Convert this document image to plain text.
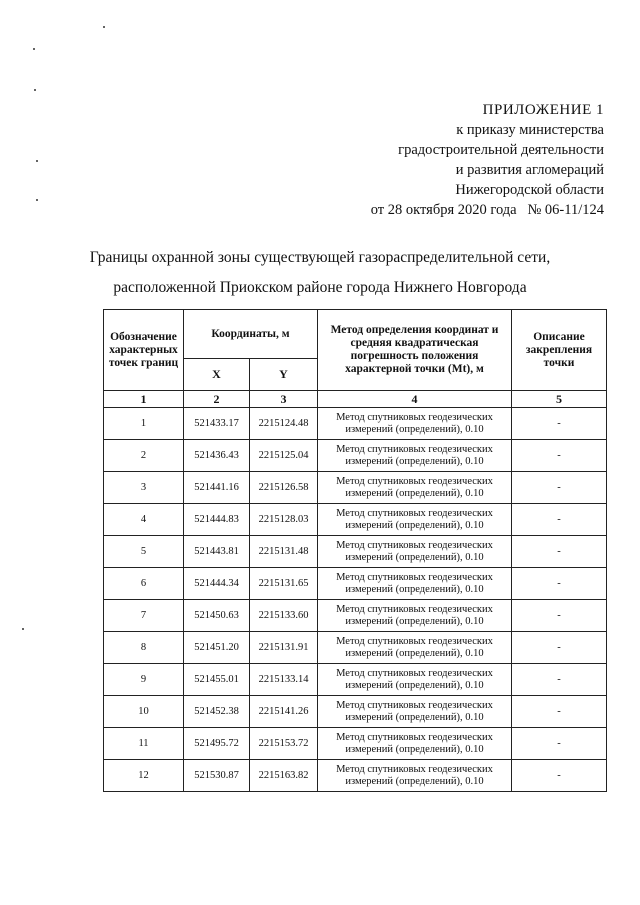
ПРИЛОЖЕНИЕ 1
к приказу министерства
градостроительной деятельности
и развития агломераций
Нижегородской области
от 28 октября 2020 года   № 06-11/124
Границы охранной зоны существующей газораспределительной сети,
расположенной Приокском районе города Нижнего Новгорода
Обозначение характерных точек границ	Координаты, м		Метод определения координат и средняя квадратическая погрешность положения характерной точки (Mt), м	Описание закрепления точки
	X	Y		
1	2	3	4	5
1	521433.17	2215124.48	Метод спутниковых геодезических
измерений (определений), 0.10	-
2	521436.43	2215125.04	Метод спутниковых геодезических
измерений (определений), 0.10	-
3	521441.16	2215126.58	Метод спутниковых геодезических
измерений (определений), 0.10	-
4	521444.83	2215128.03	Метод спутниковых геодезических
измерений (определений), 0.10	-
5	521443.81	2215131.48	Метод спутниковых геодезических
измерений (определений), 0.10	-
6	521444.34	2215131.65	Метод спутниковых геодезических
измерений (определений), 0.10	-
7	521450.63	2215133.60	Метод спутниковых геодезических
измерений (определений), 0.10	-
8	521451.20	2215131.91	Метод спутниковых геодезических
измерений (определений), 0.10	-
9	521455.01	2215133.14	Метод спутниковых геодезических
измерений (определений), 0.10	-
10	521452.38	2215141.26	Метод спутниковых геодезических
измерений (определений), 0.10	-
11	521495.72	2215153.72	Метод спутниковых геодезических
измерений (определений), 0.10	-
12	521530.87	2215163.82	Метод спутниковых геодезических
измерений (определений), 0.10	-
